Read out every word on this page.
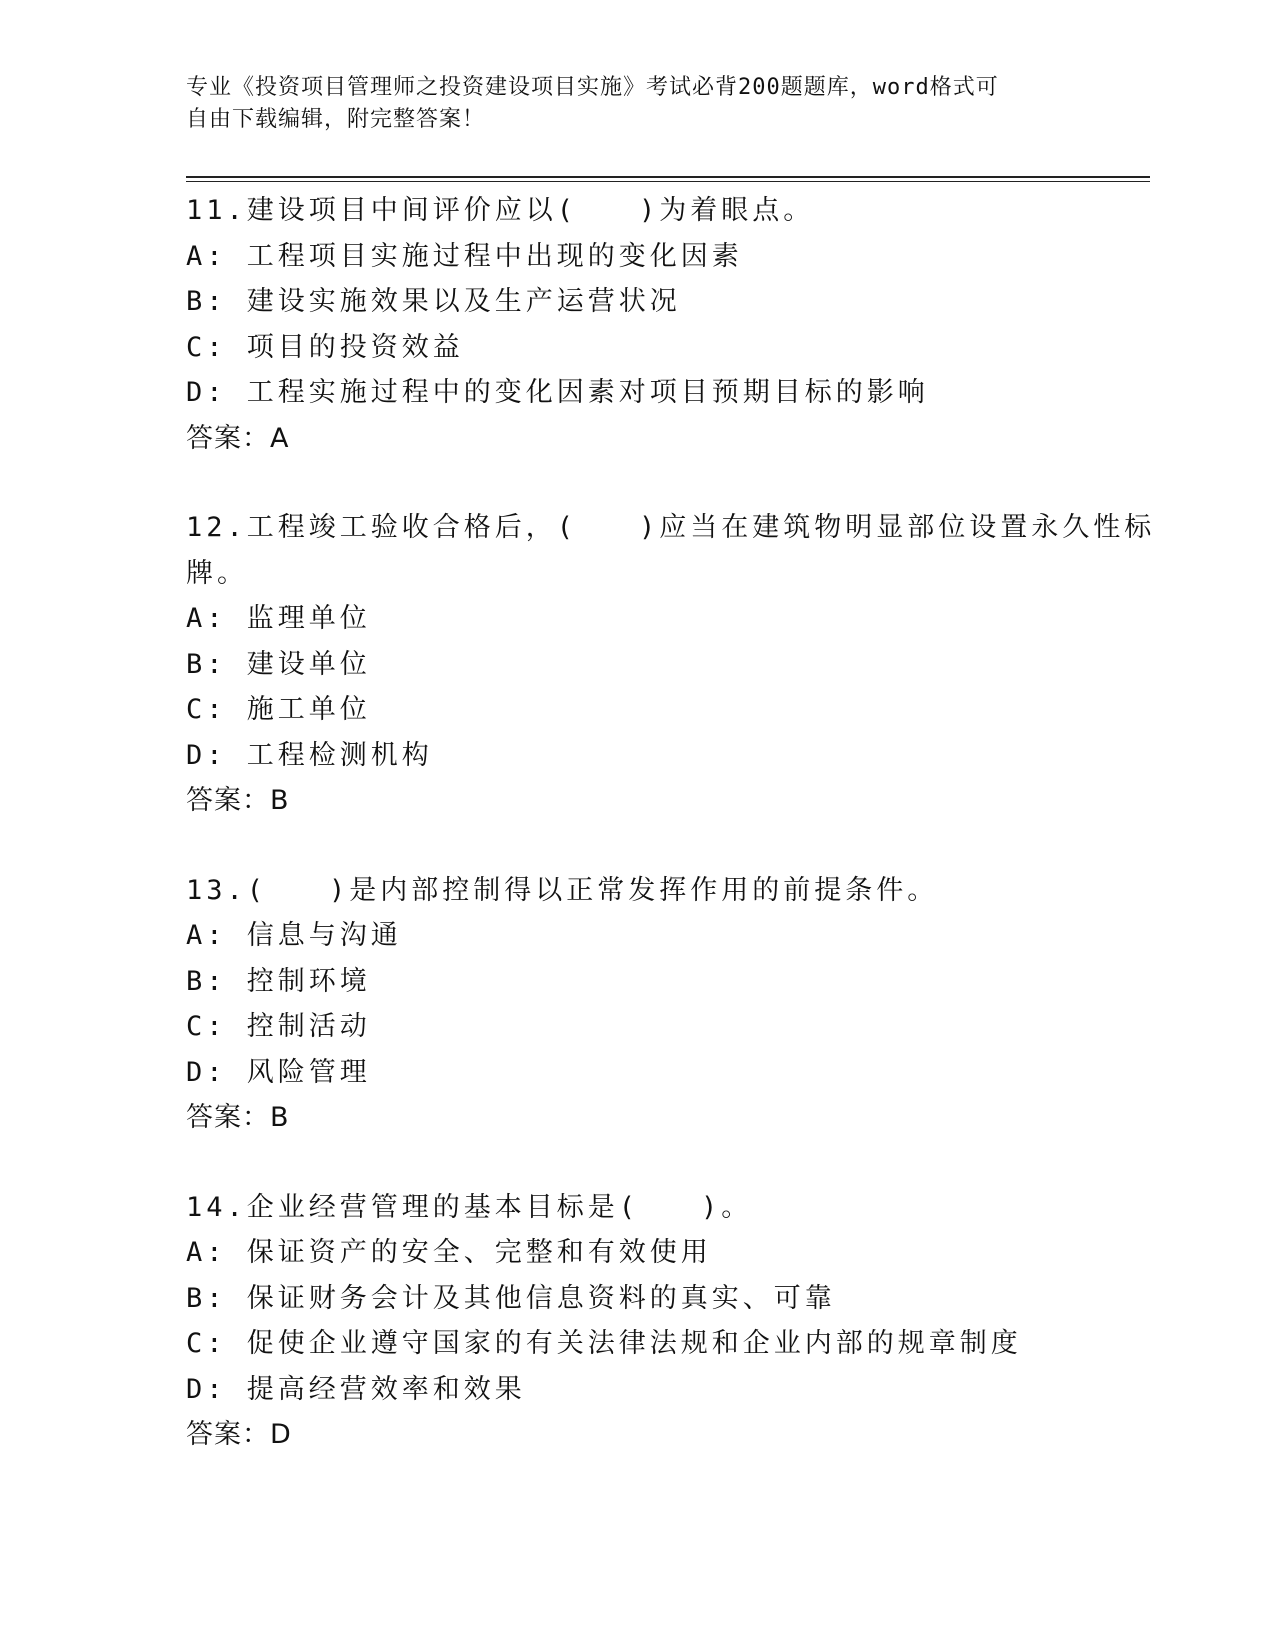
专业《投资项目管理师之投资建设项目实施》考试必背200题题库，word格式可
自由下载编辑，附完整答案！
11.建设项目中间评价应以(　　)为着眼点。
A: 工程项目实施过程中出现的变化因素
B: 建设实施效果以及生产运营状况
C: 项目的投资效益
D: 工程实施过程中的变化因素对项目预期目标的影响
答案：A
12.工程竣工验收合格后，(　　)应当在建筑物明显部位设置永久性标
牌。
A: 监理单位
B: 建设单位
C: 施工单位
D: 工程检测机构
答案：B
13.(　　)是内部控制得以正常发挥作用的前提条件。
A: 信息与沟通
B: 控制环境
C: 控制活动
D: 风险管理
答案：B
14.企业经营管理的基本目标是(　　)。
A: 保证资产的安全、完整和有效使用
B: 保证财务会计及其他信息资料的真实、可靠
C: 促使企业遵守国家的有关法律法规和企业内部的规章制度
D: 提高经营效率和效果
答案：D
